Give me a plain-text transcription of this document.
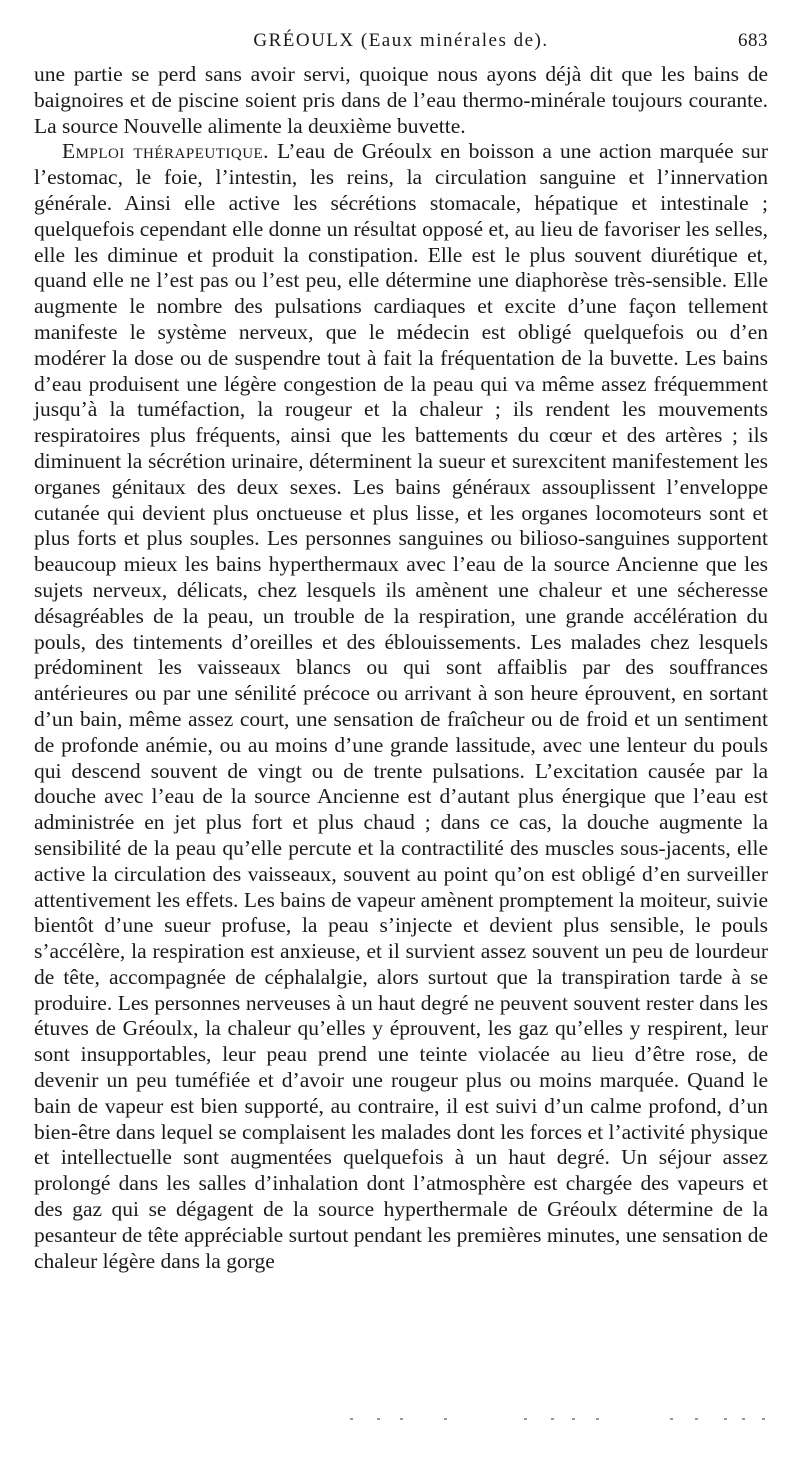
GRÉOULX (Eaux minérales de).	683

une partie se perd sans avoir servi, quoique nous ayons déjà dit que les bains de baignoires et de piscine soient pris dans de l’eau thermo-minérale toujours courante. La source Nouvelle alimente la deuxième buvette.

Emploi thérapeutique. L’eau de Gréoulx en boisson a une action marquée sur l’estomac, le foie, l’intestin, les reins, la circulation sanguine et l’innervation générale. Ainsi elle active les sécrétions stomacale, hépatique et intestinale ; quelquefois cependant elle donne un résultat opposé et, au lieu de favoriser les selles, elle les diminue et produit la constipation. Elle est le plus souvent diurétique et, quand elle ne l’est pas ou l’est peu, elle détermine une diaphorèse très-sensible. Elle augmente le nombre des pulsations cardiaques et excite d’une façon tellement manifeste le système nerveux, que le médecin est obligé quelquefois ou d’en modérer la dose ou de suspendre tout à fait la fréquentation de la buvette. Les bains d’eau produisent une légère congestion de la peau qui va même assez fréquemment jusqu’à la tuméfaction, la rougeur et la chaleur ; ils rendent les mouvements respiratoires plus fréquents, ainsi que les battements du cœur et des artères ; ils diminuent la sécrétion urinaire, déterminent la sueur et surexcitent manifestement les organes génitaux des deux sexes. Les bains généraux assouplissent l’enveloppe cutanée qui devient plus onctueuse et plus lisse, et les organes locomoteurs sont et plus forts et plus souples. Les personnes sanguines ou bilioso-sanguines supportent beaucoup mieux les bains hyperthermaux avec l’eau de la source Ancienne que les sujets nerveux, délicats, chez lesquels ils amènent une chaleur et une sécheresse désagréables de la peau, un trouble de la respiration, une grande accélération du pouls, des tintements d’oreilles et des éblouissements. Les malades chez lesquels prédominent les vaisseaux blancs ou qui sont affaiblis par des souffrances antérieures ou par une sénilité précoce ou arrivant à son heure éprouvent, en sortant d’un bain, même assez court, une sensation de fraîcheur ou de froid et un sentiment de profonde anémie, ou au moins d’une grande lassitude, avec une lenteur du pouls qui descend souvent de vingt ou de trente pulsations. L’excitation causée par la douche avec l’eau de la source Ancienne est d’autant plus énergique que l’eau est administrée en jet plus fort et plus chaud ; dans ce cas, la douche augmente la sensibilité de la peau qu’elle percute et la contractilité des muscles sous-jacents, elle active la circulation des vaisseaux, souvent au point qu’on est obligé d’en surveiller attentivement les effets. Les bains de vapeur amènent promptement la moiteur, suivie bientôt d’une sueur profuse, la peau s’injecte et devient plus sensible, le pouls s’accélère, la respiration est anxieuse, et il survient assez souvent un peu de lourdeur de tête, accompagnée de céphalalgie, alors surtout que la transpiration tarde à se produire. Les personnes nerveuses à un haut degré ne peuvent souvent rester dans les étuves de Gréoulx, la chaleur qu’elles y éprouvent, les gaz qu’elles y respirent, leur sont insupportables, leur peau prend une teinte violacée au lieu d’être rose, de devenir un peu tuméfiée et d’avoir une rougeur plus ou moins marquée. Quand le bain de vapeur est bien supporté, au contraire, il est suivi d’un calme profond, d’un bien-être dans lequel se complaisent les malades dont les forces et l’activité physique et intellectuelle sont augmentées quelquefois à un haut degré. Un séjour assez prolongé dans les salles d’inhalation dont l’atmosphère est chargée des vapeurs et des gaz qui se dégagent de la source hyperthermale de Gréoulx détermine de la pesanteur de tête appréciable surtout pendant les premières minutes, une sensation de chaleur légère dans la gorge
